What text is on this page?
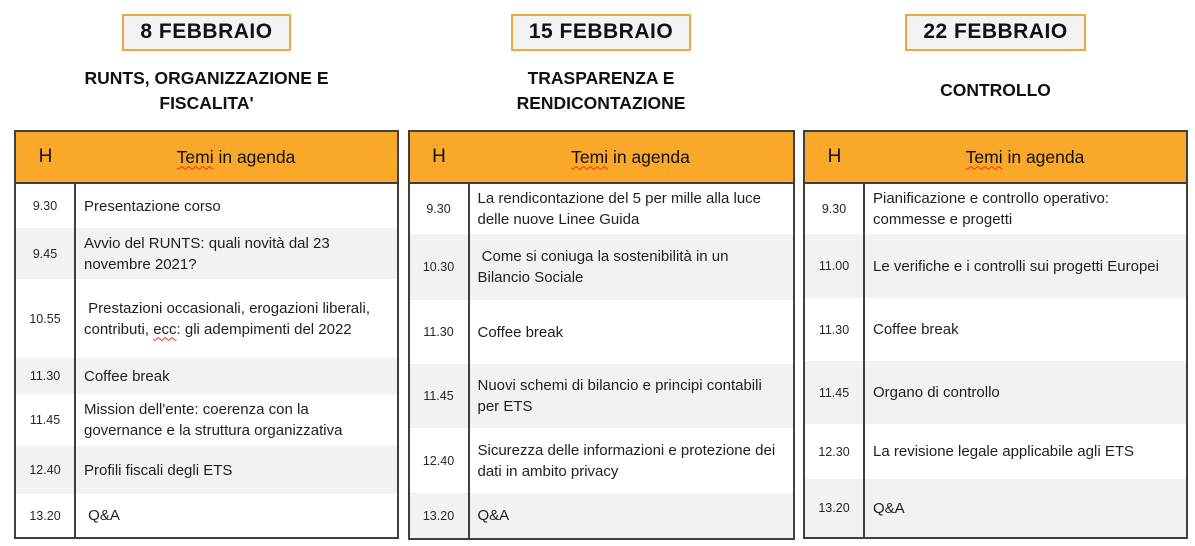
8 FEBBRAIO
RUNTS, ORGANIZZAZIONE E
FISCALITA'
H	Temi in agenda
9.30	Presentazione corso
9.45	Avvio del RUNTS: quali novità dal 23 novembre 2021?
10.55	Prestazioni occasionali, erogazioni liberali, contributi, ecc: gli adempimenti del 2022
11.30	Coffee break
11.45	Mission dell'ente: coerenza con la governance e la struttura organizzativa
12.40	Profili fiscali degli ETS
13.20	Q&A
15 FEBBRAIO
TRASPARENZA E
RENDICONTAZIONE
H	Temi in agenda
9.30	La rendicontazione del 5 per mille alla luce delle nuove Linee Guida
10.30	Come si coniuga la sostenibilità in un Bilancio Sociale
11.30	Coffee break
11.45	Nuovi schemi di bilancio e principi contabili per ETS
12.40	Sicurezza delle informazioni e protezione dei dati in ambito privacy
13.20	Q&A
22 FEBBRAIO
CONTROLLO
H	Temi in agenda
9.30	Pianificazione e controllo operativo: commesse e progetti
11.00	Le verifiche e i controlli sui progetti Europei
11.30	Coffee break
11.45	Organo di controllo
12.30	La revisione legale applicabile agli ETS
13.20	Q&A
